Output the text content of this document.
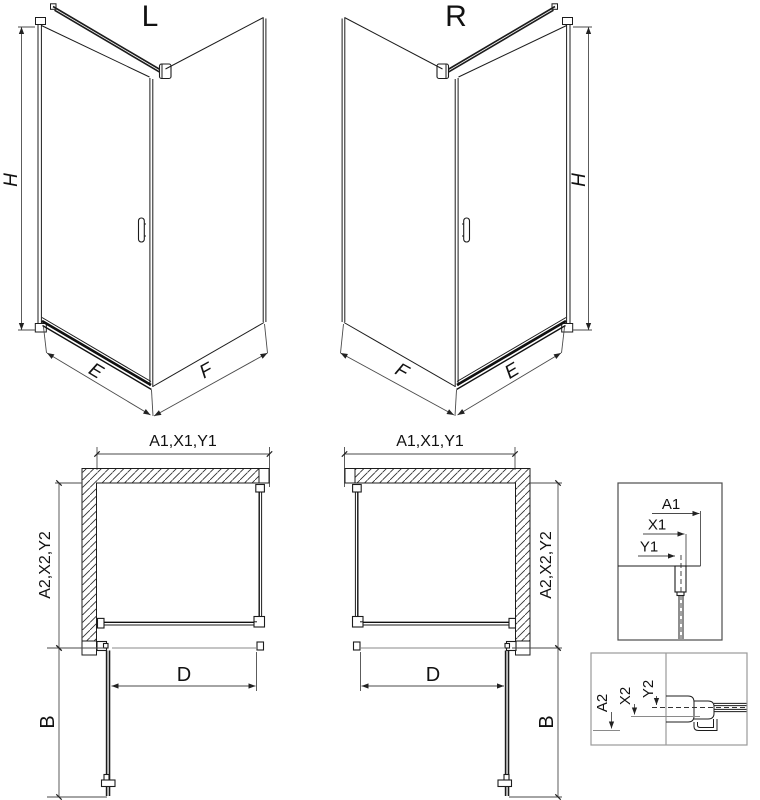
L
H
E	F
R
H
F	E
A1,X1,Y1
D
A2,X2,Y2
B
A1,X1,Y1
D
A2,X2,Y2
B
A1
X1
Y1
A2 X2 Y2
